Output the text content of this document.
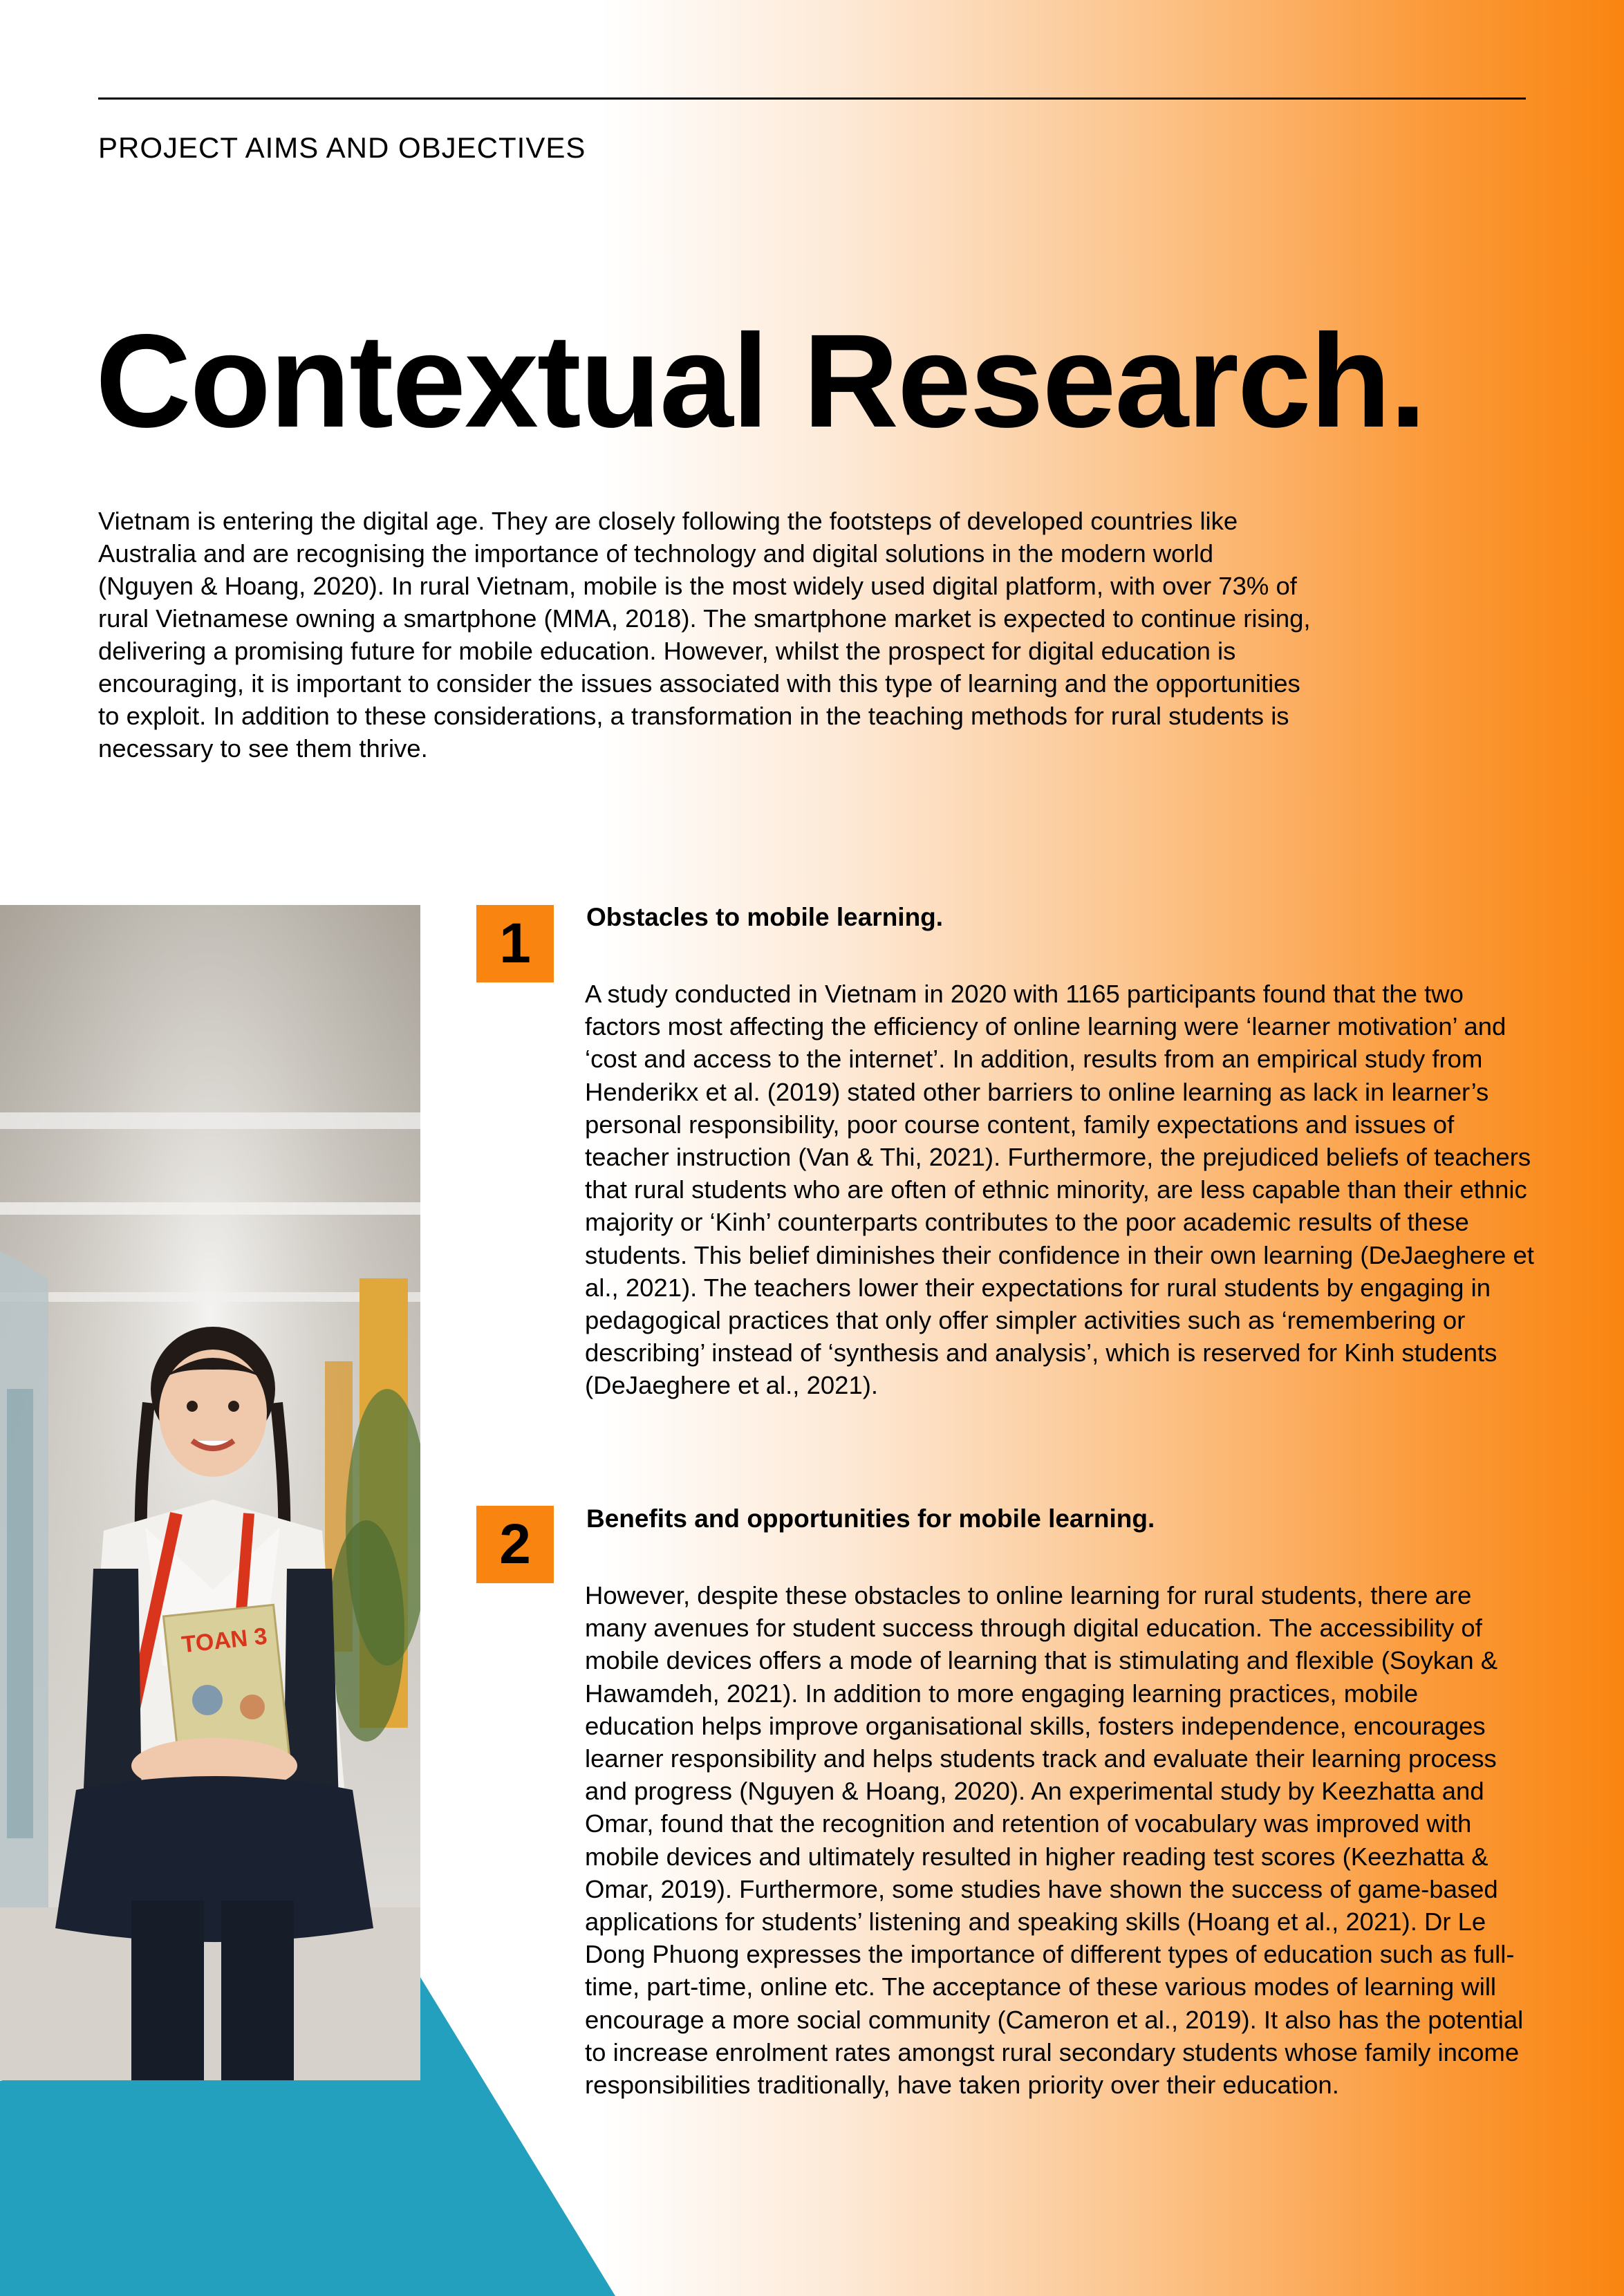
PROJECT AIMS AND OBJECTIVES
Contextual Research.

Vietnam is entering the digital age. They are closely following the footsteps of developed countries like Australia and are recognising the importance of technology and digital solutions in the modern world (Nguyen & Hoang, 2020). In rural Vietnam, mobile is the most widely used digital platform, with over 73% of rural Vietnamese owning a smartphone (MMA, 2018). The smartphone market is expected to continue rising, delivering a promising future for mobile education. However, whilst the prospect for digital education is encouraging, it is important to consider the issues associated with this type of learning and the opportunities to exploit. In addition to these considerations, a transformation in the teaching methods for rural students is necessary to see them thrive.

TOAN 3
1	Obstacles to mobile learning.

A study conducted in Vietnam in 2020 with 1165 participants found that the two factors most affecting the efficiency of online learning were ‘learner motivation’ and ‘cost and access to the internet’. In addition, results from an empirical study from Henderikx et al. (2019) stated other barriers to online learning as lack in learner’s personal responsibility, poor course content, family expectations and issues of teacher instruction (Van & Thi, 2021). Furthermore, the prejudiced beliefs of teachers that rural students who are often of ethnic minority, are less capable than their ethnic majority or ‘Kinh’ counterparts contributes to the poor academic results of these students. This belief diminishes their confidence in their own learning (DeJaeghere et al., 2021). The teachers lower their expectations for rural students by engaging in pedagogical practices that only offer simpler activities such as ‘remembering or describing’ instead of ‘synthesis and analysis’, which is reserved for Kinh students (DeJaeghere et al., 2021).

2	Benefits and opportunities for mobile learning.

However, despite these obstacles to online learning for rural students, there are many avenues for student success through digital education. The accessibility of mobile devices offers a mode of learning that is stimulating and flexible (Soykan & Hawamdeh, 2021). In addition to more engaging learning practices, mobile education helps improve organisational skills, fosters independence, encourages learner responsibility and helps students track and evaluate their learning process and progress (Nguyen & Hoang, 2020). An experimental study by Keezhatta and Omar, found that the recognition and retention of vocabulary was improved with mobile devices and ultimately resulted in higher reading test scores (Keezhatta & Omar, 2019). Furthermore, some studies have shown the success of game-based applications for students’ listening and speaking skills (Hoang et al., 2021). Dr Le Dong Phuong expresses the importance of different types of education such as full-time, part-time, online etc. The acceptance of these various modes of learning will encourage a more social community (Cameron et al., 2019). It also has the potential to increase enrolment rates amongst rural secondary students whose family income responsibilities traditionally, have taken priority over their education.
